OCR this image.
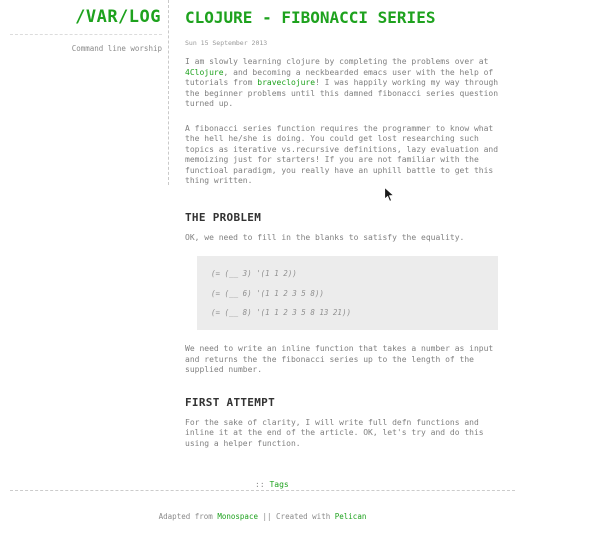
/VAR/LOG
Command line worship
CLOJURE - FIBONACCI SERIES
Sun 15 September 2013

I am slowly learning clojure by completing the problems over at 4Clojure, and becoming a neckbearded emacs user with the help of tutorials from braveclojure! I was happily working my way through the beginner problems until this damned fibonacci series question turned up.

A fibonacci series function requires the programmer to know what the hell he/she is doing. You could get lost researching such topics as iterative vs.recursive definitions, lazy evaluation and memoizing just for starters! If you are not familiar with the functioal paradigm, you really have an uphill battle to get this thing written.

THE PROBLEM

OK, we need to fill in the blanks to satisfy the equality.

(= (__ 3) '(1 1 2))
(= (__ 6) '(1 1 2 3 5 8))
(= (__ 8) '(1 1 2 3 5 8 13 21))

We need to write an inline function that takes a number as input and returns the the fibonacci series up to the length of the supplied number.

FIRST ATTEMPT

For the sake of clarity, I will write full defn functions and inline it at the end of the article. OK, let's try and do this using a helper function.

:: Tags
Adapted from Monospace || Created with Pelican
